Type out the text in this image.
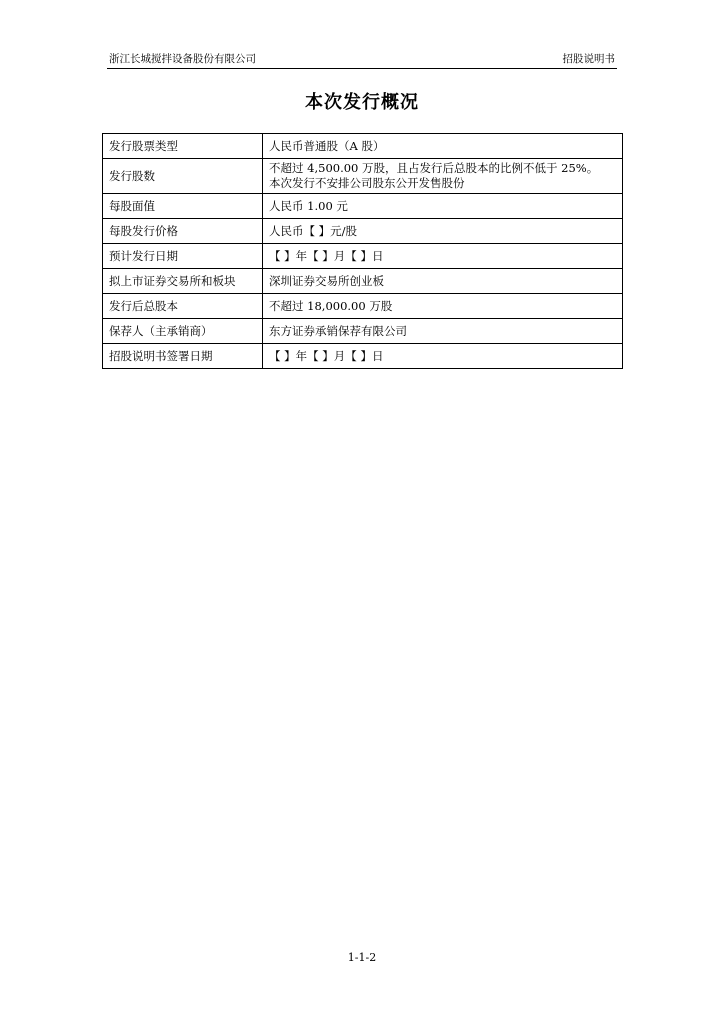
浙江长城搅拌设备股份有限公司	招股说明书
本次发行概况
发行股票类型	人民币普通股（A 股）
发行股数	不超过 4,500.00 万股，且占发行后总股本的比例不低于 25%。
本次发行不安排公司股东公开发售股份

每股面值	人民币 1.00 元
每股发行价格	人民币【 】元/股
预计发行日期	【 】年【 】月【 】日
拟上市证券交易所和板块	深圳证券交易所创业板
发行后总股本	不超过 18,000.00 万股
保荐人（主承销商）	东方证券承销保荐有限公司
招股说明书签署日期	【 】年【 】月【 】日
1-1-2
